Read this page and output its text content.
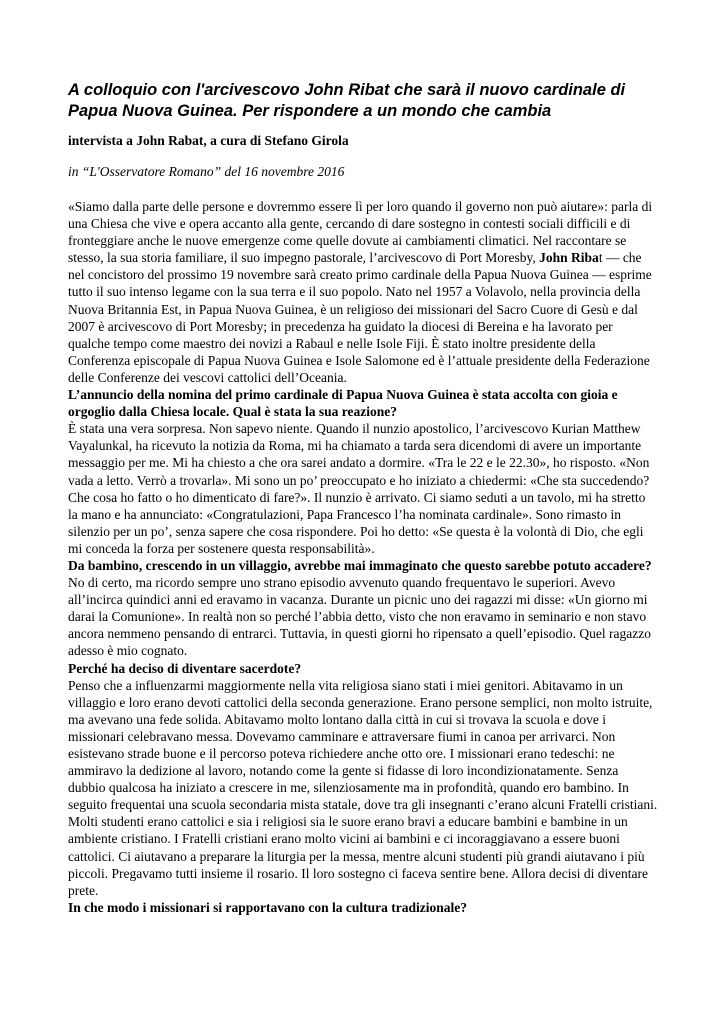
A colloquio con l'arcivescovo John Ribat che sarà il nuovo cardinale di Papua Nuova Guinea. Per rispondere a un mondo che cambia
intervista a John Rabat, a cura di Stefano Girola
in “L'Osservatore Romano” del 16 novembre 2016

«Siamo dalla parte delle persone e dovremmo essere lì per loro quando il governo non può aiutare»: parla di una Chiesa che vive e opera accanto alla gente, cercando di dare sostegno in contesti sociali difficili e di fronteggiare anche le nuove emergenze come quelle dovute ai cambiamenti climatici. Nel raccontare se stesso, la sua storia familiare, il suo impegno pastorale, l’arcivescovo di Port Moresby, John Ribat — che nel concistoro del prossimo 19 novembre sarà creato primo cardinale della Papua Nuova Guinea — esprime tutto il suo intenso legame con la sua terra e il suo popolo. Nato nel 1957 a Volavolo, nella provincia della Nuova Britannia Est, in Papua Nuova Guinea, è un religioso dei missionari del Sacro Cuore di Gesù e dal 2007 è arcivescovo di Port Moresby; in precedenza ha guidato la diocesi di Bereina e ha lavorato per qualche tempo come maestro dei novizi a Rabaul e nelle Isole Fiji. È stato inoltre presidente della Conferenza episcopale di Papua Nuova Guinea e Isole Salomone ed è l’attuale presidente della Federazione delle Conferenze dei vescovi cattolici dell’Oceania.

L’annuncio della nomina del primo cardinale di Papua Nuova Guinea è stata accolta con gioia e orgoglio dalla Chiesa locale. Qual è stata la sua reazione?

È stata una vera sorpresa. Non sapevo niente. Quando il nunzio apostolico, l’arcivescovo Kurian Matthew Vayalunkal, ha ricevuto la notizia da Roma, mi ha chiamato a tarda sera dicendomi di avere un importante messaggio per me. Mi ha chiesto a che ora sarei andato a dormire. «Tra le 22 e le 22.30», ho risposto. «Non vada a letto. Verrò a trovarla». Mi sono un po’ preoccupato e ho iniziato a chiedermi: «Che sta succedendo? Che cosa ho fatto o ho dimenticato di fare?». Il nunzio è arrivato. Ci siamo seduti a un tavolo, mi ha stretto la mano e ha annunciato: «Congratulazioni, Papa Francesco l’ha nominata cardinale». Sono rimasto in silenzio per un po’, senza sapere che cosa rispondere. Poi ho detto: «Se questa è la volontà di Dio, che egli mi conceda la forza per sostenere questa responsabilità».

Da bambino, crescendo in un villaggio, avrebbe mai immaginato che questo sarebbe potuto accadere?

No di certo, ma ricordo sempre uno strano episodio avvenuto quando frequentavo le superiori. Avevo all’incirca quindici anni ed eravamo in vacanza. Durante un picnic uno dei ragazzi mi disse: «Un giorno mi darai la Comunione». In realtà non so perché l’abbia detto, visto che non eravamo in seminario e non stavo ancora nemmeno pensando di entrarci. Tuttavia, in questi giorni ho ripensato a quell’episodio. Quel ragazzo adesso è mio cognato.

Perché ha deciso di diventare sacerdote?

Penso che a influenzarmi maggiormente nella vita religiosa siano stati i miei genitori. Abitavamo in un villaggio e loro erano devoti cattolici della seconda generazione. Erano persone semplici, non molto istruite, ma avevano una fede solida. Abitavamo molto lontano dalla città in cui si trovava la scuola e dove i missionari celebravano messa. Dovevamo camminare e attraversare fiumi in canoa per arrivarci. Non esistevano strade buone e il percorso poteva richiedere anche otto ore. I missionari erano tedeschi: ne ammiravo la dedizione al lavoro, notando come la gente si fidasse di loro incondizionatamente. Senza dubbio qualcosa ha iniziato a crescere in me, silenziosamente ma in profondità, quando ero bambino. In seguito frequentai una scuola secondaria mista statale, dove tra gli insegnanti c’erano alcuni Fratelli cristiani. Molti studenti erano cattolici e sia i religiosi sia le suore erano bravi a educare bambini e bambine in un ambiente cristiano. I Fratelli cristiani erano molto vicini ai bambini e ci incoraggiavano a essere buoni cattolici. Ci aiutavano a preparare la liturgia per la messa, mentre alcuni studenti più grandi aiutavano i più piccoli. Pregavamo tutti insieme il rosario. Il loro sostegno ci faceva sentire bene. Allora decisi di diventare prete.

In che modo i missionari si rapportavano con la cultura tradizionale?
